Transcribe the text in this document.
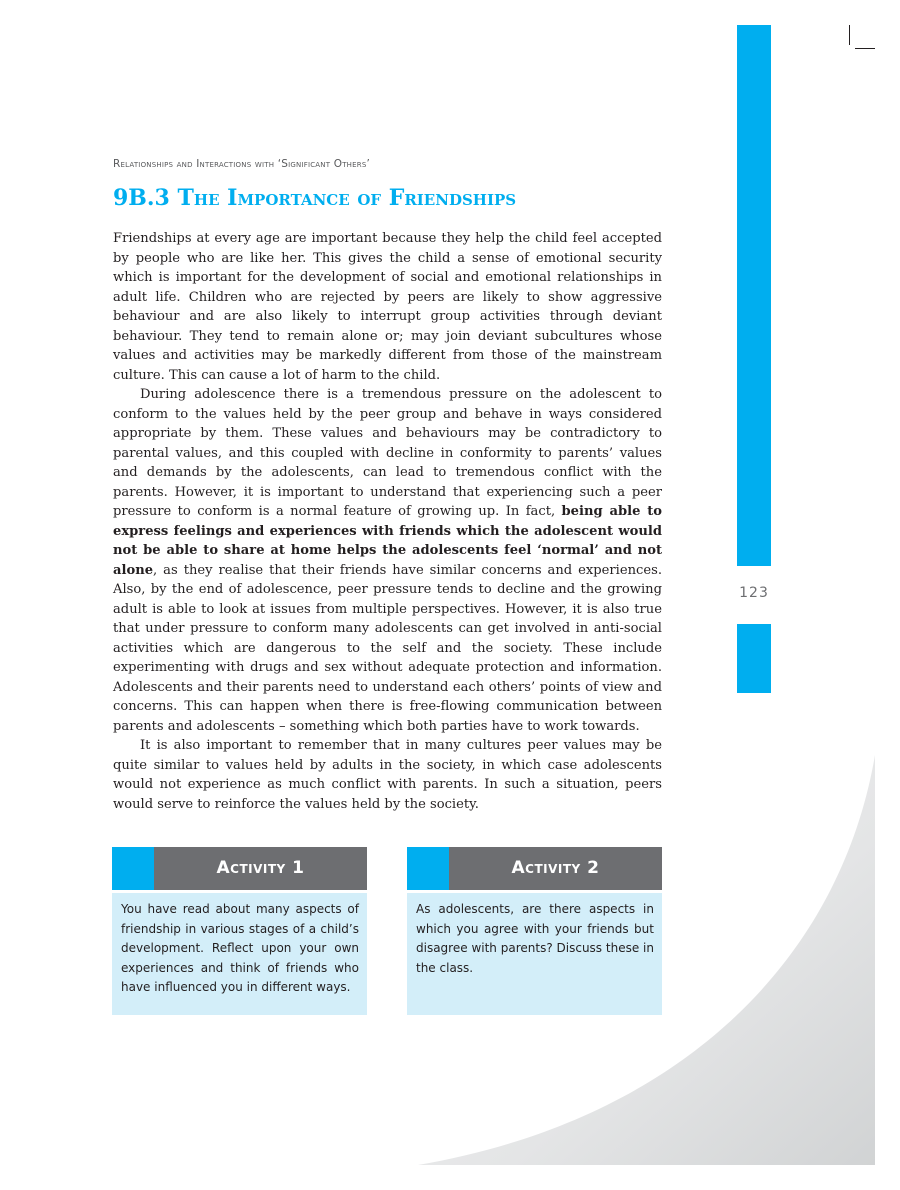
123
Relationships and Interactions with ‘Significant Others’
9B.3 The Importance of Friendships

Friendships at every age are important because they help the child feel accepted by people who are like her. This gives the child a sense of emotional security which is important for the development of social and emotional relationships in adult life. Children who are rejected by peers are likely to show aggressive behaviour and are also likely to interrupt group activities through deviant behaviour. They tend to remain alone or; may join deviant subcultures whose values and activities may be markedly different from those of the mainstream culture. This can cause a lot of harm to the child.

During adolescence there is a tremendous pressure on the adolescent to conform to the values held by the peer group and behave in ways considered appropriate by them. These values and behaviours may be contradictory to parental values, and this coupled with decline in conformity to parents’ values and demands by the adolescents, can lead to tremendous conflict with the parents. However, it is important to understand that experiencing such a peer pressure to conform is a normal feature of growing up. In fact, being able to express feelings and experiences with friends which the adolescent would not be able to share at home helps the adolescents feel ‘normal’ and not alone, as they realise that their friends have similar concerns and experiences. Also, by the end of adolescence, peer pressure tends to decline and the growing adult is able to look at issues from multiple perspectives. However, it is also true that under pressure to conform many adolescents can get involved in anti-social activities which are dangerous to the self and the society. These include experimenting with drugs and sex without adequate protection and information. Adolescents and their parents need to understand each others’ points of view and concerns. This can happen when there is free-flowing communication between parents and adolescents – something which both parties have to work towards.

It is also important to remember that in many cultures peer values may be quite similar to values held by adults in the society, in which case adolescents would not experience as much conflict with parents. In such a situation, peers would serve to reinforce the values held by the society.

Activity 1
You have read about many aspects of friendship in various stages of a child’s development. Reflect upon your own experiences and think of friends who have influenced you in different ways.
Activity 2
As adolescents, are there aspects in which you agree with your friends but disagree with parents? Discuss these in the class.
